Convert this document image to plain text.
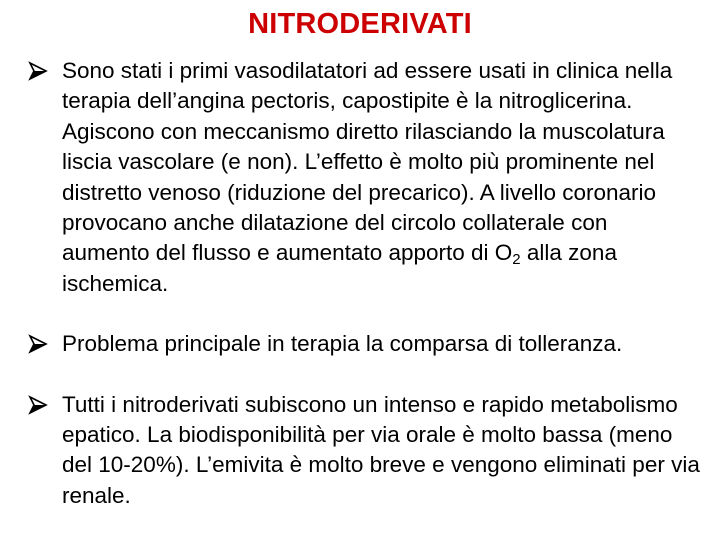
NITRODERIVATI
Sono stati i primi vasodilatatori ad essere usati in clinica nella terapia dell’angina pectoris, capostipite è la nitroglicerina. Agiscono con meccanismo diretto rilasciando la muscolatura liscia vascolare (e non). L’effetto è molto più prominente nel distretto venoso (riduzione del precarico). A livello coronario provocano anche dilatazione del circolo collaterale con aumento del flusso e aumentato apporto di $O_2$ alla zona ischemica.
Problema principale in terapia la comparsa di tolleranza.
Tutti i nitroderivati subiscono un intenso e rapido metabolismo epatico. La biodisponibilità per via orale è molto bassa (meno del 10-20%). L’emivita è molto breve e vengono eliminati per via renale.
